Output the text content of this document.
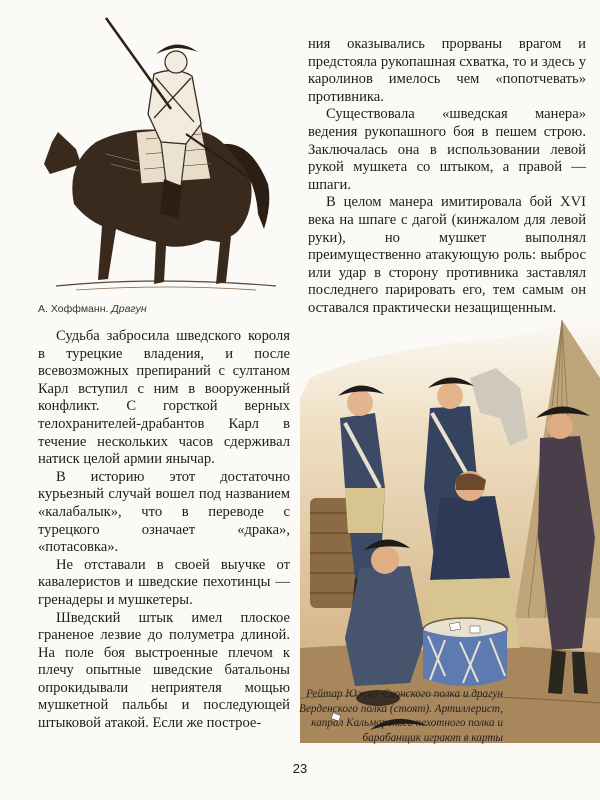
А. Хоффманн. Драгун

ния оказывались прорваны врагом и предстояла рукопашная схватка, то и здесь у каролинов имелось чем «попотчевать» противника.

Существовала «шведская манера» ведения рукопашного боя в пешем строю. Заключалась она в использовании левой рукой мушкета со штыком, а правой — шпаги.

В целом манера имитировала бой XVI века на шпаге с дагой (кинжалом для левой руки), но мушкет выполнял преимущественно атакующую роль: выброс или удар в сторону противника заставлял последнего парировать его, тем самым он оставался практически незащищенным.

Судьба забросила шведского короля в турецкие владения, и после всевозможных препираний с султаном Карл вступил с ним в вооруженный конфликт. С горсткой верных телохранителей-драбантов Карл в течение нескольких часов сдерживал натиск целой армии янычар.

В историю этот достаточно курьезный случай вошел под названием «калабалык», что в переводе с турецкого означает «драка», «потасовка».

Не отставали в своей выучке от кавалеристов и шведские пехотинцы — гренадеры и мушкетеры.

Шведский штык имел плоское граненое лезвие до полуметра длиной. На поле боя выстроенные плечом к плечу опытные шведские батальоны опрокидывали неприятеля мощью мушкетной пальбы и последующей штыковой атакой. Если же построе-

Рейтар Южно-Сконского полка и драгун Верденского полка (стоят). Артиллерист, капрал Кальмарского пехотного полка и барабанщик играют в карты
23
